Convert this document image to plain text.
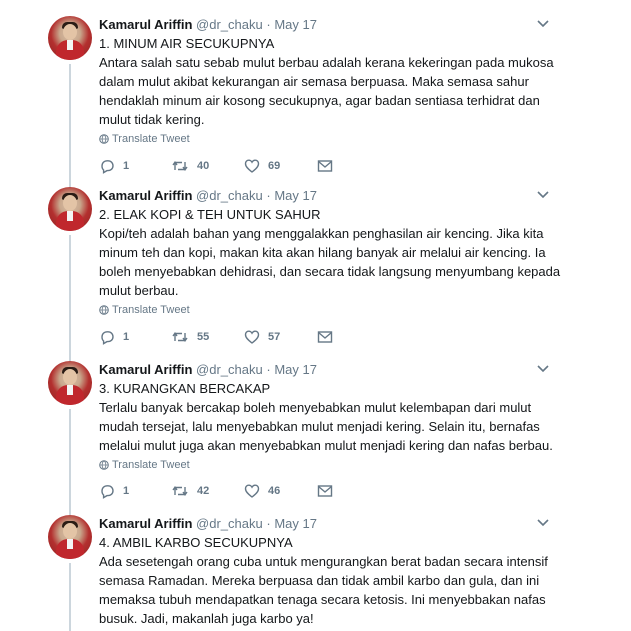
Kamarul Ariffin @dr_chaku · May 17

1. MINUM AIR SECUKUPNYA

Antara salah satu sebab mulut berbau adalah kerana kekeringan pada mukosa

dalam mulut akibat kekurangan air semasa berpuasa. Maka semasa sahur

hendaklah minum air kosong secukupnya, agar badan sentiasa terhidrat dan

mulut tidak kering.

Translate Tweet
1	40	69
Kamarul Ariffin @dr_chaku · May 17

2. ELAK KOPI & TEH UNTUK SAHUR

Kopi/teh adalah bahan yang menggalakkan penghasilan air kencing. Jika kita

minum teh dan kopi, makan kita akan hilang banyak air melalui air kencing. Ia

boleh menyebabkan dehidrasi, dan secara tidak langsung menyumbang kepada

mulut berbau.

Translate Tweet
1	55	57
Kamarul Ariffin @dr_chaku · May 17

3. KURANGKAN BERCAKAP

Terlalu banyak bercakap boleh menyebabkan mulut kelembapan dari mulut

mudah tersejat, lalu menyebabkan mulut menjadi kering. Selain itu, bernafas

melalui mulut juga akan menyebabkan mulut menjadi kering dan nafas berbau.

Translate Tweet
1	42	46
Kamarul Ariffin @dr_chaku · May 17

4. AMBIL KARBO SECUKUPNYA

Ada sesetengah orang cuba untuk mengurangkan berat badan secara intensif

semasa Ramadan. Mereka berpuasa dan tidak ambil karbo dan gula, dan ini

memaksa tubuh mendapatkan tenaga secara ketosis. Ini menyebbakan nafas

busuk. Jadi, makanlah juga karbo ya!
